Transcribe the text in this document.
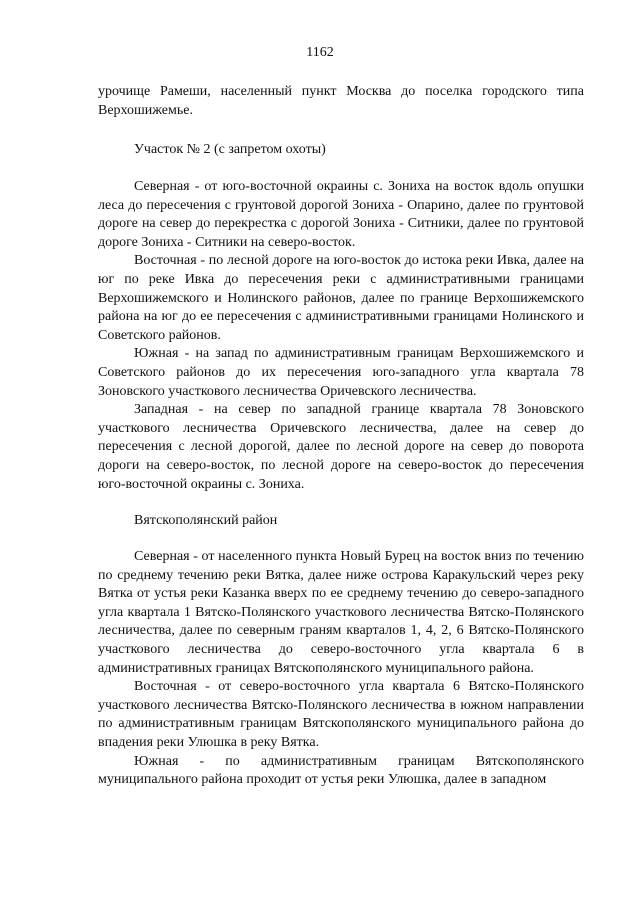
1162

урочище Рамеши, населенный пункт Москва до поселка городского типа Верхошижемье.

Участок № 2 (с запретом охоты)

Северная - от юго-восточной окраины с. Зониха на восток вдоль опушки леса до пересечения с грунтовой дорогой Зониха - Опарино, далее по грунтовой дороге на север до перекрестка с дорогой Зониха - Ситники, далее по грунтовой дороге Зониха - Ситники на северо-восток.

Восточная - по лесной дороге на юго-восток до истока реки Ивка, далее на юг по реке Ивка до пересечения реки с административными границами Верхошижемского и Нолинского районов, далее по границе Верхошижемского района на юг до ее пересечения с административными границами Нолинского и Советского районов.

Южная - на запад по административным границам Верхошижемского и Советского районов до их пересечения юго-западного угла квартала 78 Зоновского участкового лесничества Оричевского лесничества.

Западная - на север по западной границе квартала 78 Зоновского участкового лесничества Оричевского лесничества, далее на север до пересечения с лесной дорогой, далее по лесной дороге на север до поворота дороги на северо-восток, по лесной дороге на северо-восток до пересечения юго-восточной окраины с. Зониха.

Вятскополянский район

Северная - от населенного пункта Новый Бурец на восток вниз по течению по среднему течению реки Вятка, далее ниже острова Каракульский через реку Вятка от устья реки Казанка вверх по ее среднему течению до северо-западного угла квартала 1 Вятско-Полянского участкового лесничества Вятско-Полянского лесничества, далее по северным граням кварталов 1, 4, 2, 6 Вятско-Полянского участкового лесничества до северо-восточного угла квартала 6 в административных границах Вятскополянского муниципального района.

Восточная - от северо-восточного угла квартала 6 Вятско-Полянского участкового лесничества Вятско-Полянского лесничества в южном направлении по административным границам Вятскополянского муниципального района до впадения реки Улюшка в реку Вятка.

Южная - по административным границам Вятскополянского муниципального района проходит от устья реки Улюшка, далее в западном
